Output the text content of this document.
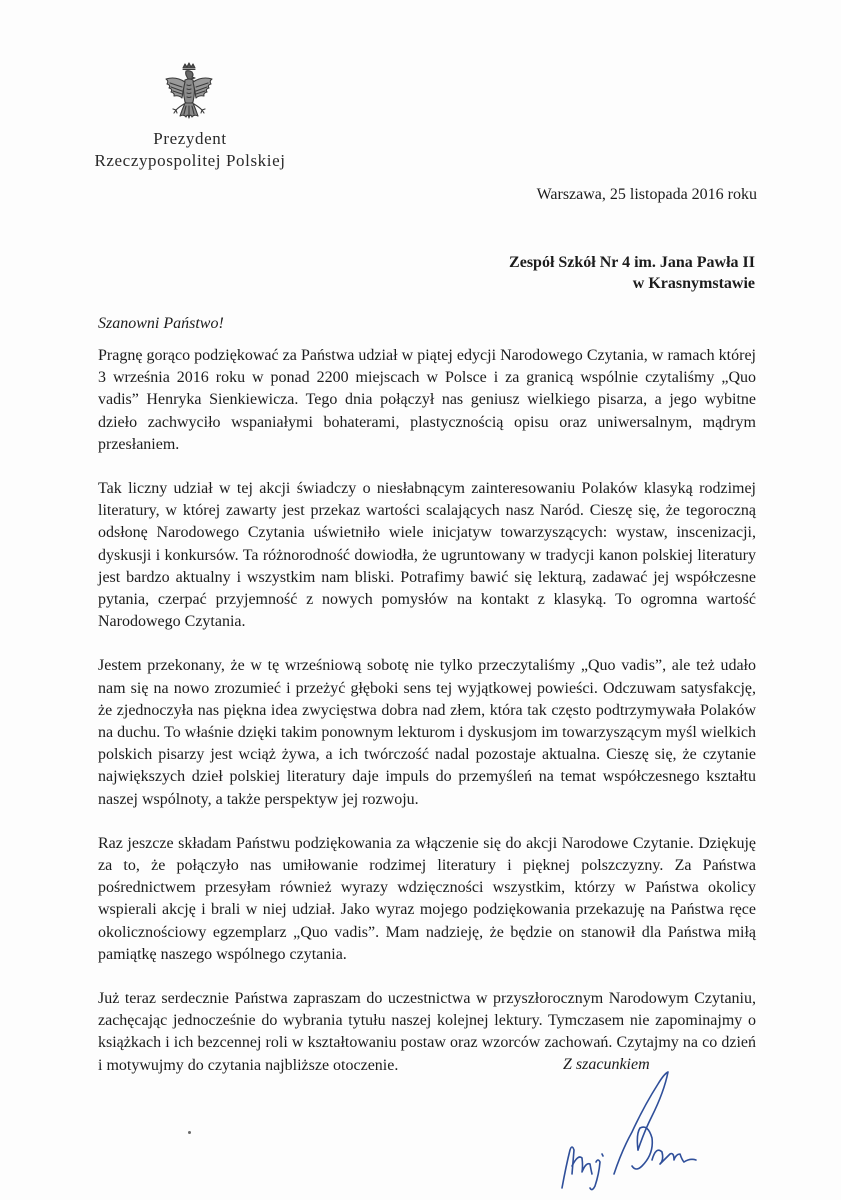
Prezydent
Rzeczypospolitej Polskiej
Warszawa, 25 listopada 2016 roku
Zespół Szkół Nr 4 im. Jana Pawła II
w Krasnymstawie
Szanowni Państwo!

Pragnę gorąco podziękować za Państwa udział w piątej edycji Narodowego Czytania, w ramach której 3 września 2016 roku w ponad 2200 miejscach w Polsce i za granicą wspólnie czytaliśmy „Quo vadis” Henryka Sienkiewicza. Tego dnia połączył nas geniusz wielkiego pisarza, a jego wybitne dzieło zachwyciło wspaniałymi bohaterami, plastycznością opisu oraz uniwersalnym, mądrym przesłaniem.

Tak liczny udział w tej akcji świadczy o niesłabnącym zainteresowaniu Polaków klasyką rodzimej literatury, w której zawarty jest przekaz wartości scalających nasz Naród. Cieszę się, że tegoroczną odsłonę Narodowego Czytania uświetniło wiele inicjatyw towarzyszących: wystaw, inscenizacji, dyskusji i konkursów. Ta różnorodność dowiodła, że ugruntowany w tradycji kanon polskiej literatury jest bardzo aktualny i wszystkim nam bliski. Potrafimy bawić się lekturą, zadawać jej współczesne pytania, czerpać przyjemność z nowych pomysłów na kontakt z klasyką. To ogromna wartość Narodowego Czytania.

Jestem przekonany, że w tę wrześniową sobotę nie tylko przeczytaliśmy „Quo vadis”, ale też udało nam się na nowo zrozumieć i przeżyć głęboki sens tej wyjątkowej powieści. Odczuwam satysfakcję, że zjednoczyła nas piękna idea zwycięstwa dobra nad złem, która tak często podtrzymywała Polaków na duchu. To właśnie dzięki takim ponownym lekturom i dyskusjom im towarzyszącym myśl wielkich polskich pisarzy jest wciąż żywa, a ich twórczość nadal pozostaje aktualna. Cieszę się, że czytanie największych dzieł polskiej literatury daje impuls do przemyśleń na temat współczesnego kształtu naszej wspólnoty, a także perspektyw jej rozwoju.

Raz jeszcze składam Państwu podziękowania za włączenie się do akcji Narodowe Czytanie. Dziękuję za to, że połączyło nas umiłowanie rodzimej literatury i pięknej polszczyzny. Za Państwa pośrednictwem przesyłam również wyrazy wdzięczności wszystkim, którzy w Państwa okolicy wspierali akcję i brali w niej udział. Jako wyraz mojego podziękowania przekazuję na Państwa ręce okolicznościowy egzemplarz „Quo vadis”. Mam nadzieję, że będzie on stanowił dla Państwa miłą pamiątkę naszego wspólnego czytania.

Już teraz serdecznie Państwa zapraszam do uczestnictwa w przyszłorocznym Narodowym Czytaniu, zachęcając jednocześnie do wybrania tytułu naszej kolejnej lektury. Tymczasem nie zapominajmy o książkach i ich bezcennej roli w kształtowaniu postaw oraz wzorców zachowań. Czytajmy na co dzień i motywujmy do czytania najbliższe otoczenie.	Z szacunkiem
